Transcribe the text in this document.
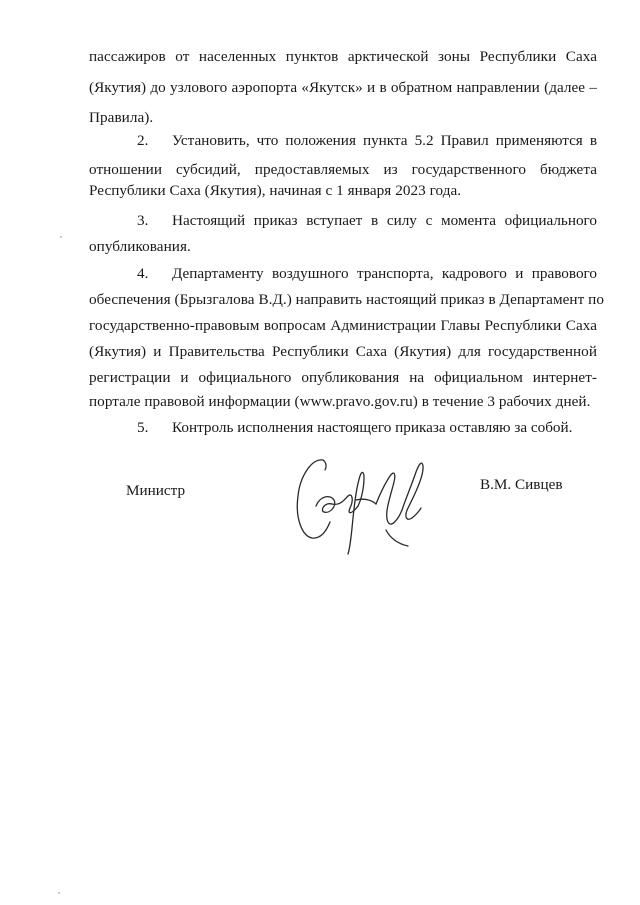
пассажиров от населенных пунктов арктической зоны Республики Саха
(Якутия) до узлового аэропорта «Якутск» и в обратном направлении (далее –
Правила).
2. Установить, что положения пункта 5.2 Правил применяются в
отношении субсидий, предоставляемых из государственного бюджета
Республики Саха (Якутия), начиная с 1 января 2023 года.
3. Настоящий приказ вступает в силу с момента официального
опубликования.
4. Департаменту воздушного транспорта, кадрового и правового
обеспечения (Брызгалова В.Д.) направить настоящий приказ в Департамент по
государственно-правовым вопросам Администрации Главы Республики Саха
(Якутия) и Правительства Республики Саха (Якутия) для государственной
регистрации и официального опубликования на официальном интернет-
портале правовой информации (www.pravo.gov.ru) в течение 3 рабочих дней.
5. Контроль исполнения настоящего приказа оставляю за собой.
Министр	В.М. Сивцев
